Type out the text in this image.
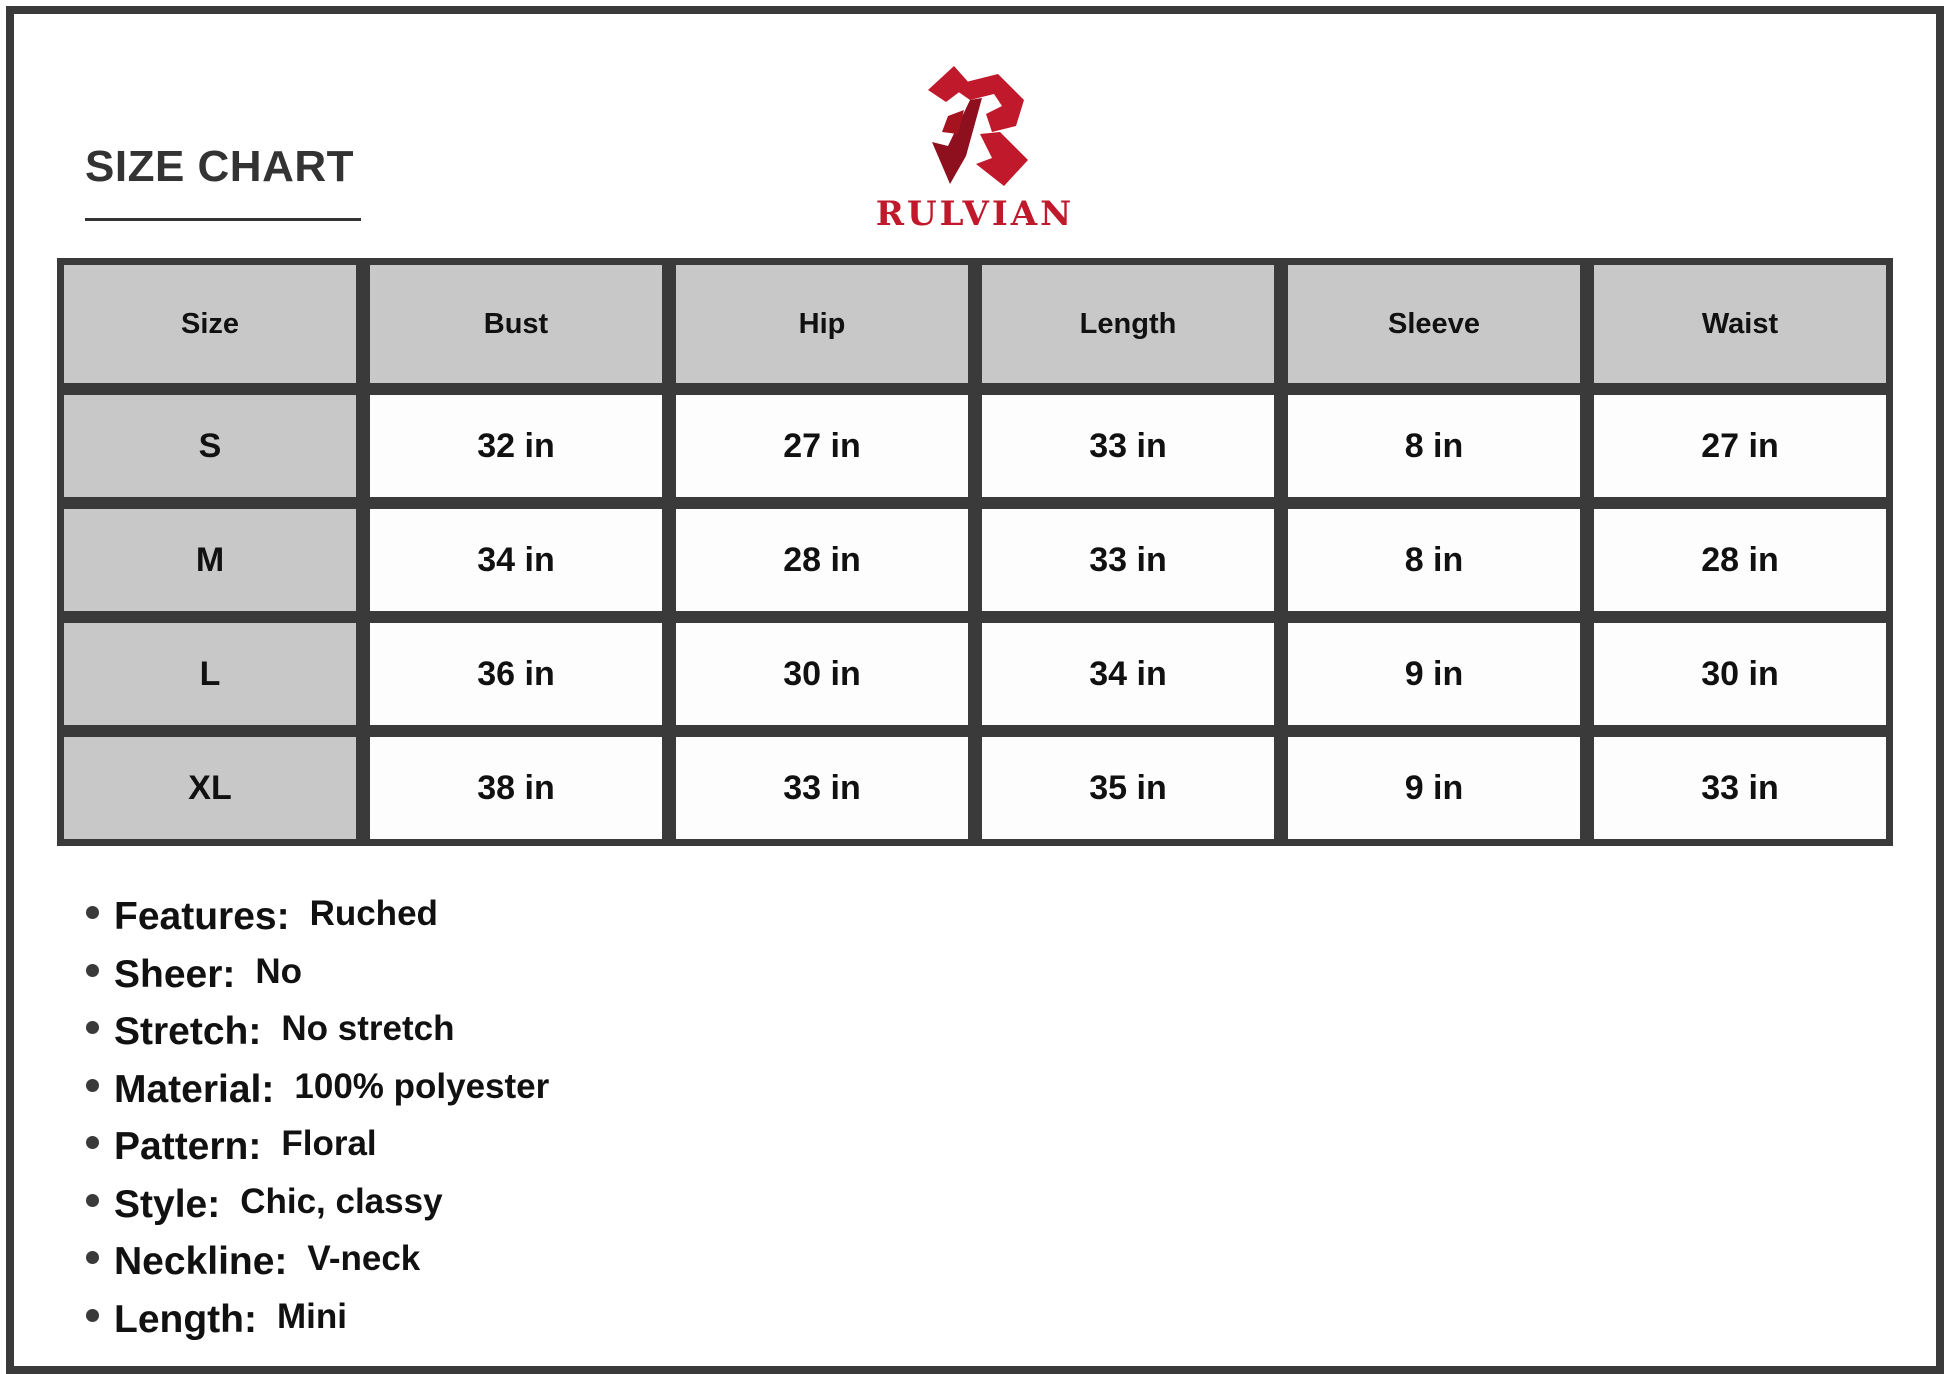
SIZE CHART
RULVIAN
Size	Bust	Hip	Length	Sleeve	Waist
S	32 in	27 in	33 in	8 in	27 in
M	34 in	28 in	33 in	8 in	28 in
L	36 in	30 in	34 in	9 in	30 in
XL	38 in	33 in	35 in	9 in	33 in
Features: Ruched
Sheer: No
Stretch: No stretch
Material: 100% polyester
Pattern: Floral
Style: Chic, classy
Neckline: V-neck
Length: Mini
